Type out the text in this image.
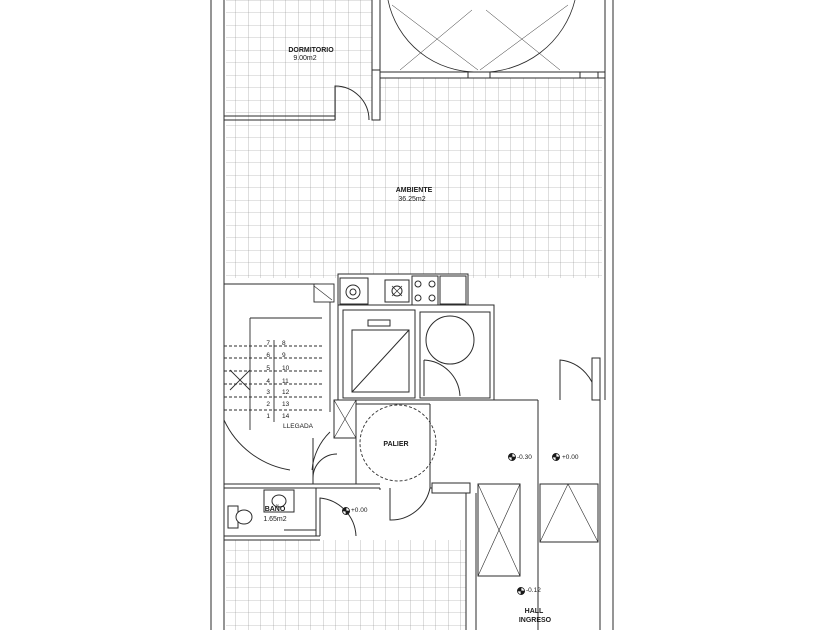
7
6
5
4
3
2
1
8
9
10
11
12
13
14
LLEGADA
DORMITORIO
9.00m2
AMBIENTE
36.25m2
PALIER
BAÑO
1.65m2
HALL
INGRESO
-0.30	+0.00
+0.00
-0.12
